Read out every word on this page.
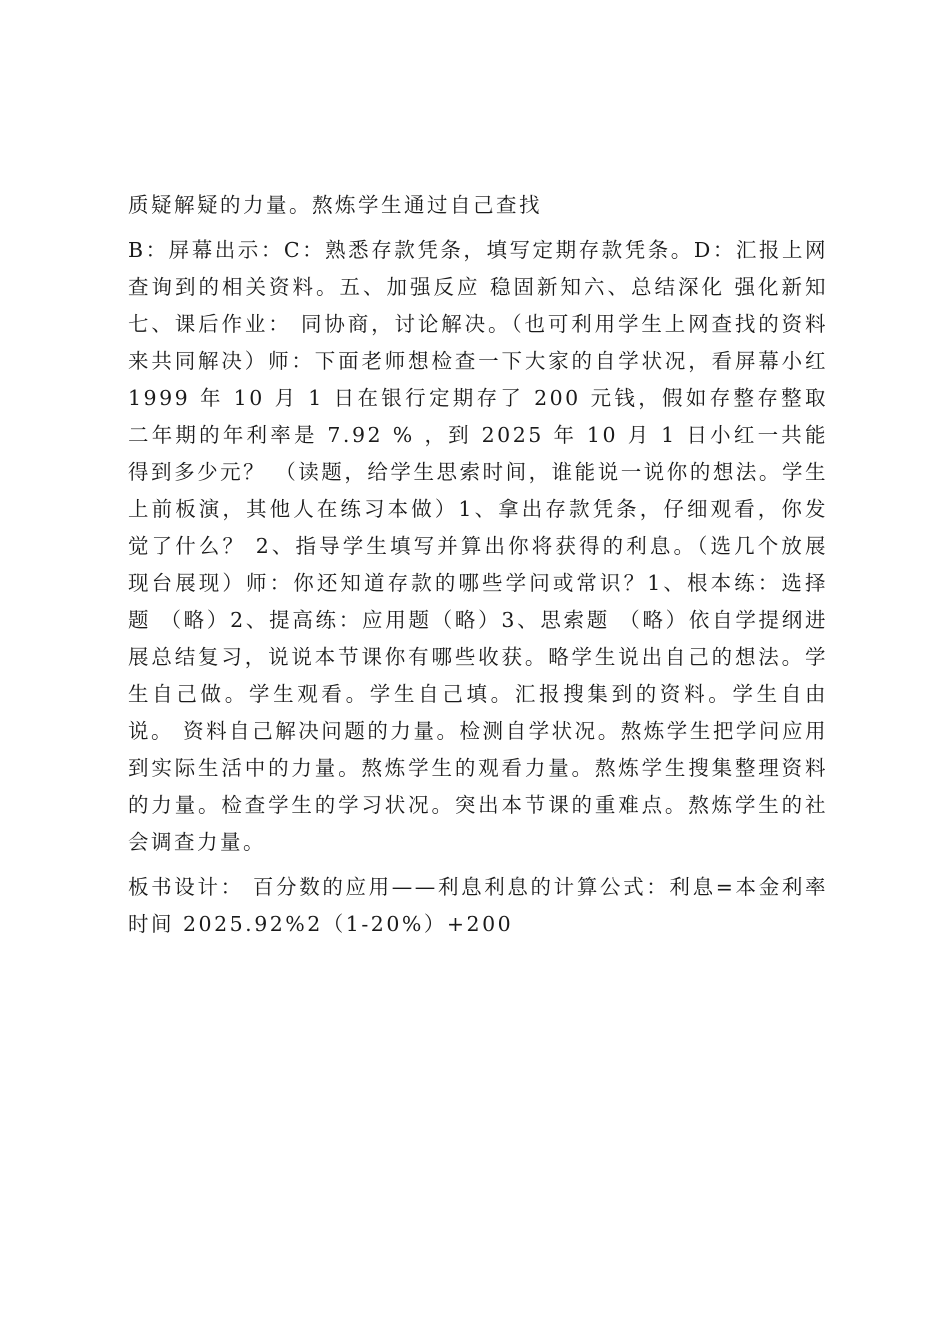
质疑解疑的力量。熬炼学生通过自己查找

B：屏幕出示：C：熟悉存款凭条，填写定期存款凭条。D：汇报上网查询到的相关资料。五、加强反应 稳固新知六、总结深化 强化新知 七、课后作业： 同协商，讨论解决。（也可利用学生上网查找的资料来共同解决）师：下面老师想检查一下大家的自学状况，看屏幕小红 1999 年 10 月 1 日在银行定期存了 200 元钱，假如存整存整取二年期的年利率是 7.92 % ，到 2025 年 10 月 1 日小红一共能得到多少元？ （读题，给学生思索时间，谁能说一说你的想法。学生上前板演，其他人在练习本做）1、拿出存款凭条，仔细观看，你发觉了什么？ 2、指导学生填写并算出你将获得的利息。（选几个放展现台展现）师：你还知道存款的哪些学问或常识？1、根本练：选择题 （略）2、提高练：应用题（略）3、思索题 （略）依自学提纲进展总结复习，说说本节课你有哪些收获。略学生说出自己的想法。学生自己做。学生观看。学生自己填。汇报搜集到的资料。学生自由说。 资料自己解决问题的力量。检测自学状况。熬炼学生把学问应用到实际生活中的力量。熬炼学生的观看力量。熬炼学生搜集整理资料的力量。检查学生的学习状况。突出本节课的重难点。熬炼学生的社会调查力量。

板书设计： 百分数的应用——利息利息的计算公式：利息=本金利率时间 2025.92%2（1-20%）+200
